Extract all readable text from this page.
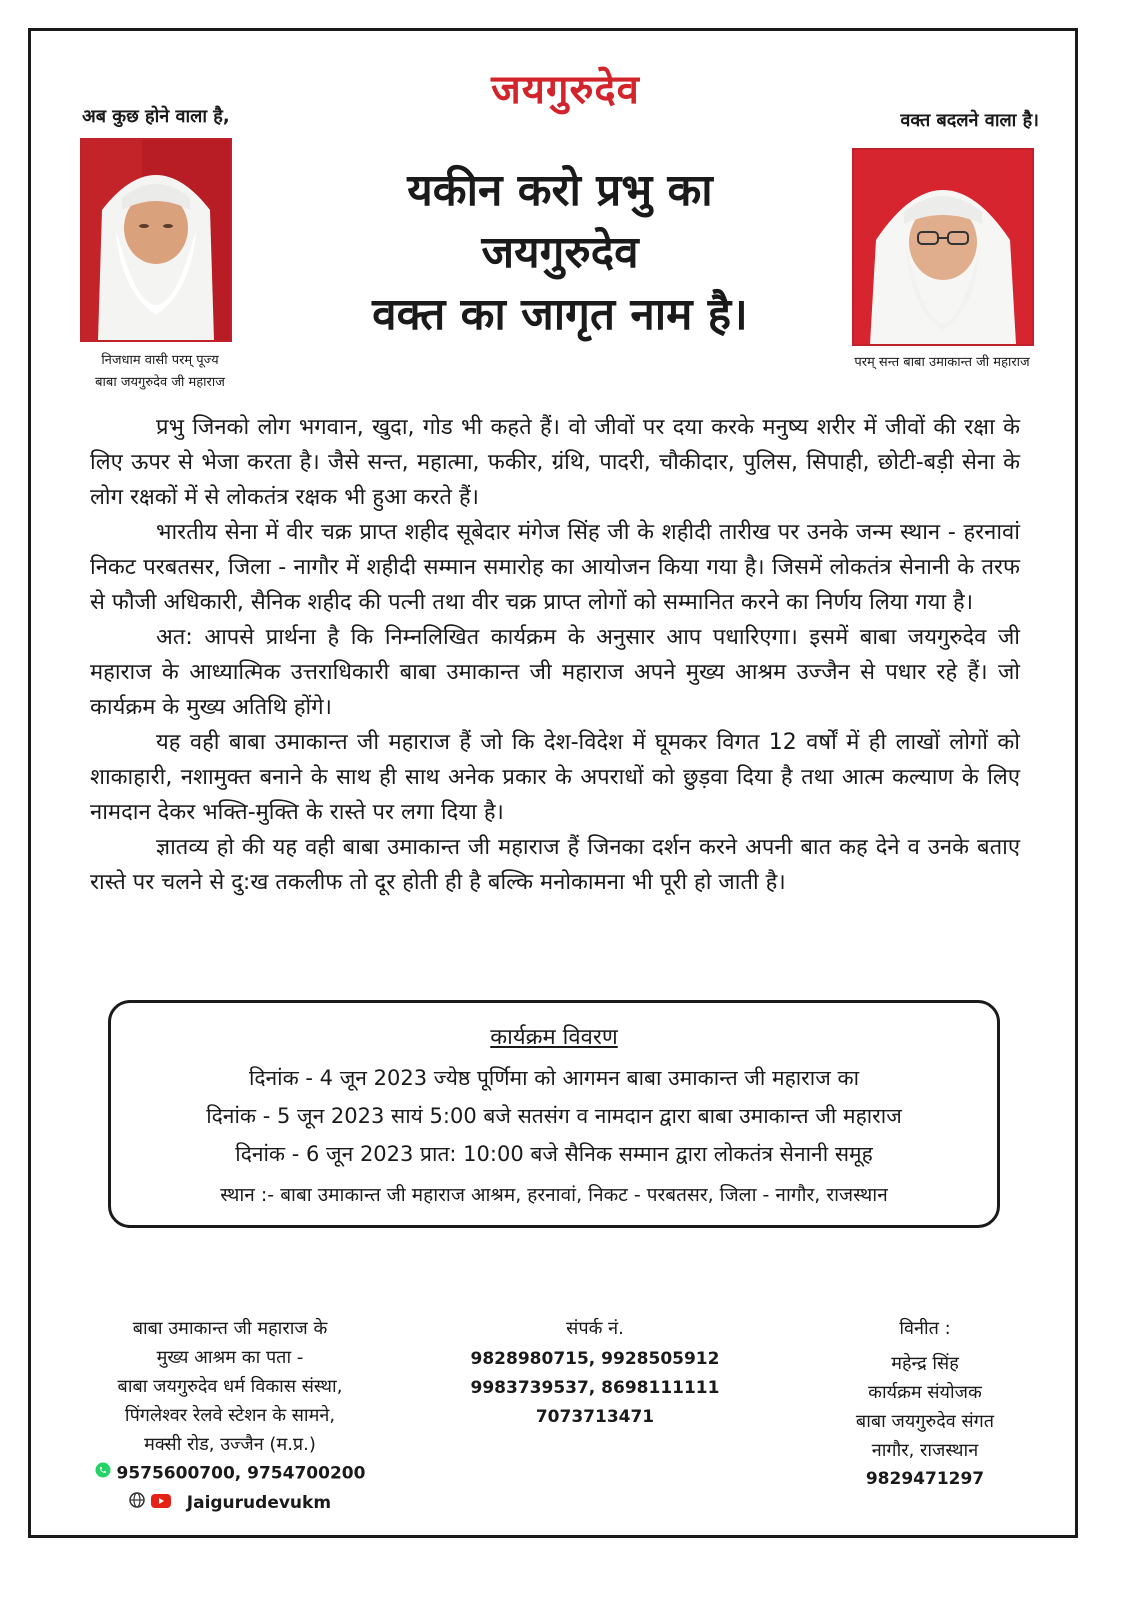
जयगुरुदेव
अब कुछ होने वाला है,	वक्त बदलने वाला है।
निजधाम वासी परम् पूज्य
बाबा जयगुरुदेव जी महाराज
परम् सन्त बाबा उमाकान्त जी महाराज
यकीन करो प्रभु का
जयगुरुदेव
वक्त का जागृत नाम है।

प्रभु जिनको लोग भगवान, खुदा, गोड भी कहते हैं। वो जीवों पर दया करके मनुष्य शरीर में जीवों की रक्षा के लिए ऊपर से भेजा करता है। जैसे सन्त, महात्मा, फकीर, ग्रंथि, पादरी, चौकीदार, पुलिस, सिपाही, छोटी-बड़ी सेना के लोग रक्षकों में से लोकतंत्र रक्षक भी हुआ करते हैं।

भारतीय सेना में वीर चक्र प्राप्त शहीद सूबेदार मंगेज सिंह जी के शहीदी तारीख पर उनके जन्म स्थान - हरनावां निकट परबतसर, जिला - नागौर में शहीदी सम्मान समारोह का आयोजन किया गया है। जिसमें लोकतंत्र सेनानी के तरफ से फौजी अधिकारी, सैनिक शहीद की पत्नी तथा वीर चक्र प्राप्त लोगों को सम्मानित करने का निर्णय लिया गया है।

अत: आपसे प्रार्थना है कि निम्नलिखित कार्यक्रम के अनुसार आप पधारिएगा। इसमें बाबा जयगुरुदेव जी महाराज के आध्यात्मिक उत्तराधिकारी बाबा उमाकान्त जी महाराज अपने मुख्य आश्रम उज्जैन से पधार रहे हैं। जो कार्यक्रम के मुख्य अतिथि होंगे।

यह वही बाबा उमाकान्त जी महाराज हैं जो कि देश-विदेश में घूमकर विगत 12 वर्षों में ही लाखों लोगों को शाकाहारी, नशामुक्त बनाने के साथ ही साथ अनेक प्रकार के अपराधों को छुड़वा दिया है तथा आत्म कल्याण के लिए नामदान देकर भक्ति-मुक्ति के रास्ते पर लगा दिया है।

ज्ञातव्य हो की यह वही बाबा उमाकान्त जी महाराज हैं जिनका दर्शन करने अपनी बात कह देने व उनके बताए रास्ते पर चलने से दु:ख तकलीफ तो दूर होती ही है बल्कि मनोकामना भी पूरी हो जाती है।

कार्यक्रम विवरण
दिनांक - 4 जून 2023 ज्येष्ठ पूर्णिमा को आगमन बाबा उमाकान्त जी महाराज का
दिनांक - 5 जून 2023 सायं 5:00 बजे सतसंग व नामदान द्वारा बाबा उमाकान्त जी महाराज
दिनांक - 6 जून 2023 प्रात: 10:00 बजे सैनिक सम्मान द्वारा लोकतंत्र सेनानी समूह
स्थान :- बाबा उमाकान्त जी महाराज आश्रम, हरनावां, निकट - परबतसर, जिला - नागौर, राजस्थान
बाबा उमाकान्त जी महाराज के
मुख्य आश्रम का पता -
बाबा जयगुरुदेव धर्म विकास संस्था,
पिंगलेश्वर रेलवे स्टेशन के सामने,
मक्सी रोड, उज्जैन (म.प्र.)
9575600700, 9754700200
Jaigurudevukm
संपर्क नं.
9828980715, 9928505912
9983739537, 8698111111
7073713471
विनीत :
महेन्द्र सिंह
कार्यक्रम संयोजक
बाबा जयगुरुदेव संगत
नागौर, राजस्थान
9829471297
